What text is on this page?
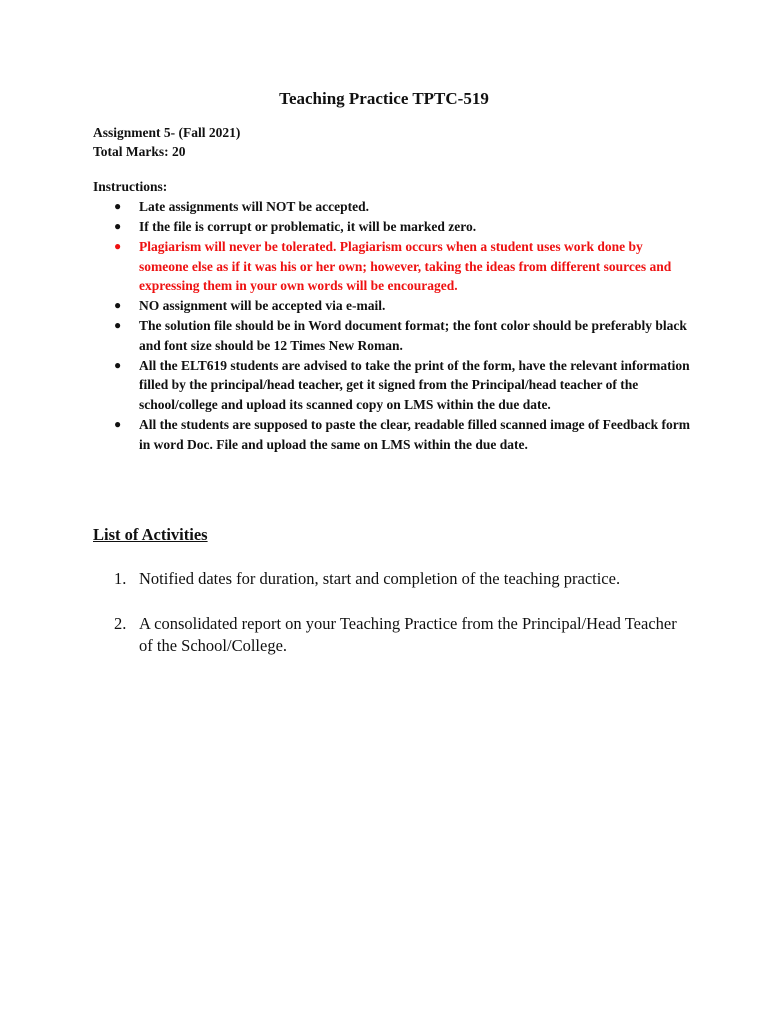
Teaching Practice TPTC-519
Assignment 5- (Fall 2021)
Total Marks: 20
Instructions:
● Late assignments will NOT be accepted.
● If the file is corrupt or problematic, it will be marked zero.
● Plagiarism will never be tolerated. Plagiarism occurs when a student uses work done by someone else as if it was his or her own; however, taking the ideas from different sources and expressing them in your own words will be encouraged.
● NO assignment will be accepted via e-mail.
● The solution file should be in Word document format; the font color should be preferably black and font size should be 12 Times New Roman.
● All the ELT619 students are advised to take the print of the form, have the relevant information filled by the principal/head teacher, get it signed from the Principal/head teacher of the school/college and upload its scanned copy on LMS within the due date.
● All the students are supposed to paste the clear, readable filled scanned image of Feedback form in word Doc. File and upload the same on LMS within the due date.
List of Activities
1. Notified dates for duration, start and completion of the teaching practice.
2. A consolidated report on your Teaching Practice from the Principal/Head Teacher of the School/College.
